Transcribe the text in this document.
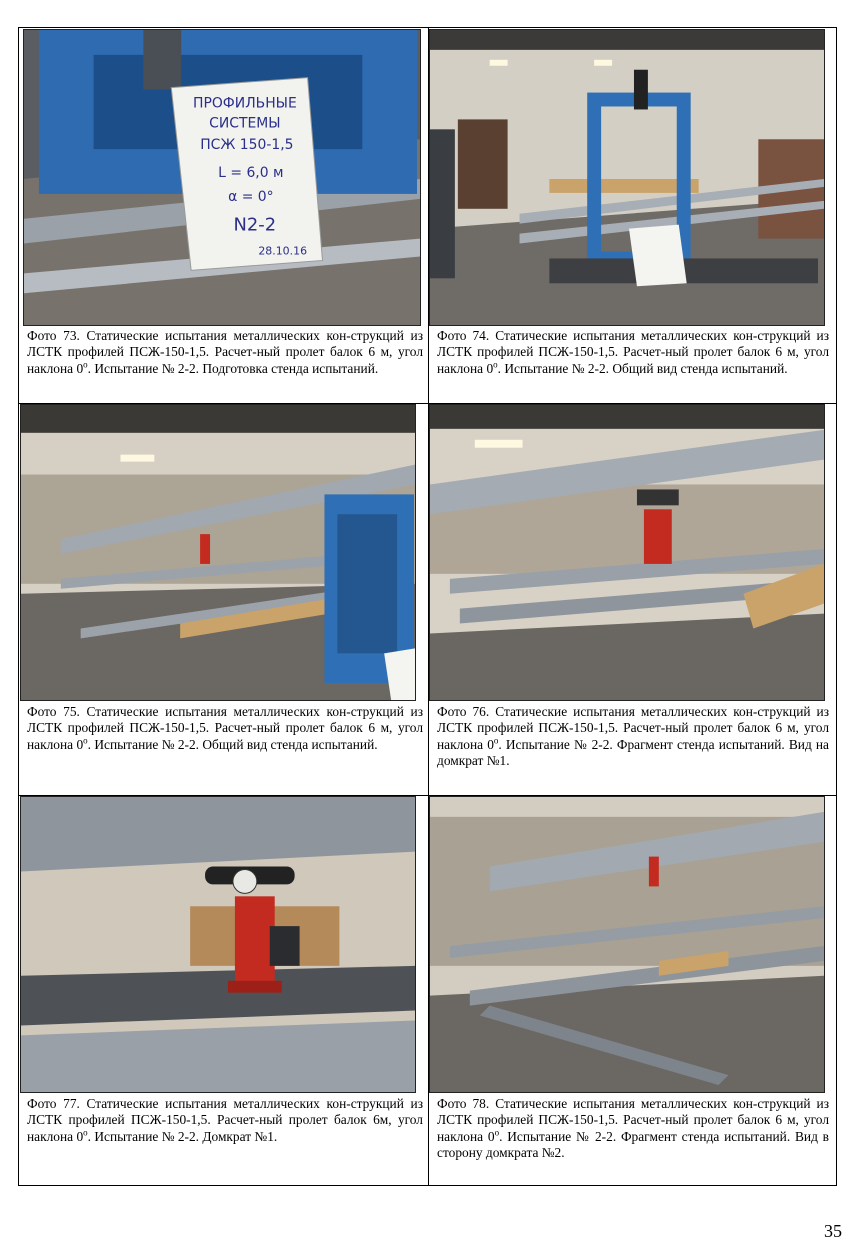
ПРОФИЛЬНЫЕ
СИСТЕМЫ
ПСЖ 150-1,5
L = 6,0 м
α = 0°
N2-2
28.10.16
Фото 73. Статические испытания металлических кон-струкций из ЛСТК профилей ПСЖ-150-1,5. Расчет-ный пролет балок 6 м, угол наклона $0^о$. Испытание № 2-2. Подготовка стенда испытаний.
Фото 74. Статические испытания металлических кон-струкций из ЛСТК профилей ПСЖ-150-1,5. Расчет-ный пролет балок 6 м, угол наклона $0^о$. Испытание № 2-2. Общий вид стенда испытаний.
Фото 75. Статические испытания металлических кон-струкций из ЛСТК профилей ПСЖ-150-1,5. Расчет-ный пролет балок 6 м, угол наклона $0^о$. Испытание № 2-2. Общий вид стенда испытаний.
Фото 76. Статические испытания металлических кон-струкций из ЛСТК профилей ПСЖ-150-1,5. Расчет-ный пролет балок 6 м, угол наклона $0^о$. Испытание № 2-2. Фрагмент стенда испытаний. Вид на домкрат №1.
Фото 77. Статические испытания металлических кон-струкций из ЛСТК профилей ПСЖ-150-1,5. Расчет-ный пролет балок 6м, угол наклона $0^о$. Испытание № 2-2. Домкрат №1.
Фото 78. Статические испытания металлических кон-струкций из ЛСТК профилей ПСЖ-150-1,5. Расчет-ный пролет балок 6 м, угол наклона $0^о$. Испытание № 2-2. Фрагмент стенда испытаний. Вид в сторону домкрата №2.
35
